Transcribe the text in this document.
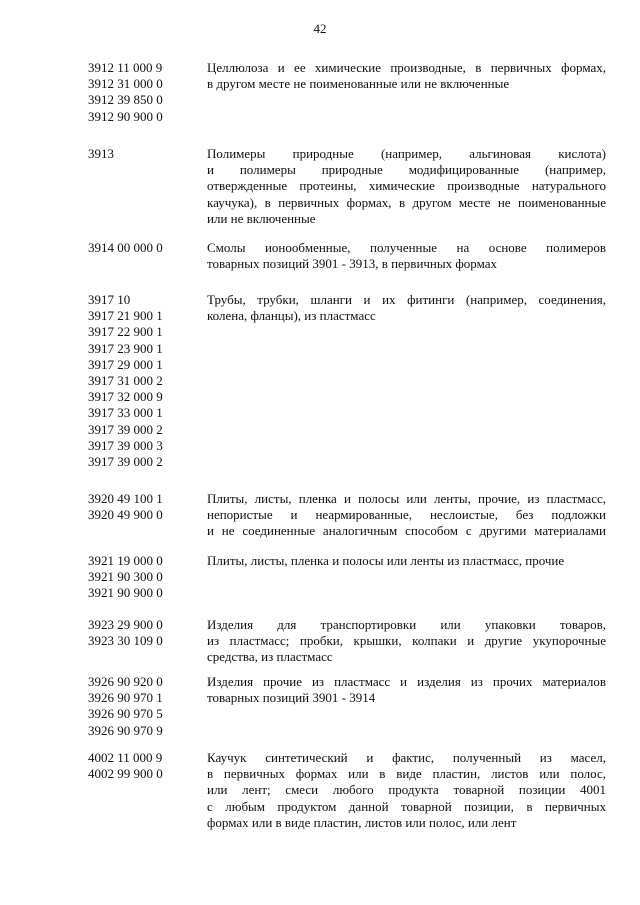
42
3912 11 000 9
3912 31 000 0
3912 39 850 0
3912 90 900 0
Целлюлоза и ее химические производные, в первичных формах,
в другом месте не поименованные или не включенные
3913	Полимеры природные (например, альгиновая кислота)
и полимеры природные модифицированные (например,
отвержденные протеины, химические производные натурального
каучука), в первичных формах, в другом месте не поименованные
или не включенные
3914 00 000 0	Смолы ионообменные, полученные на основе полимеров
товарных позиций 3901 - 3913, в первичных формах
3917 10
3917 21 900 1
3917 22 900 1
3917 23 900 1
3917 29 000 1
3917 31 000 2
3917 32 000 9
3917 33 000 1
3917 39 000 2
3917 39 000 3
3917 39 000 2
Трубы, трубки, шланги и их фитинги (например, соединения,
колена, фланцы), из пластмасс
3920 49 100 1
3920 49 900 0
Плиты, листы, пленка и полосы или ленты, прочие, из пластмасс,
непористые и неармированные, неслоистые, без подложки
и не соединенные аналогичным способом с другими материалами
3921 19 000 0
3921 90 300 0
3921 90 900 0
Плиты, листы, пленка и полосы или ленты из пластмасс, прочие
3923 29 900 0
3923 30 109 0
Изделия для транспортировки или упаковки товаров,
из пластмасс; пробки, крышки, колпаки и другие укупорочные
средства, из пластмасс
3926 90 920 0
3926 90 970 1
3926 90 970 5
3926 90 970 9
Изделия прочие из пластмасс и изделия из прочих материалов
товарных позиций 3901 - 3914
4002 11 000 9
4002 99 900 0
Каучук синтетический и фактис, полученный из масел,
в первичных формах или в виде пластин, листов или полос,
или лент; смеси любого продукта товарной позиции 4001
с любым продуктом данной товарной позиции, в первичных
формах или в виде пластин, листов или полос, или лент
